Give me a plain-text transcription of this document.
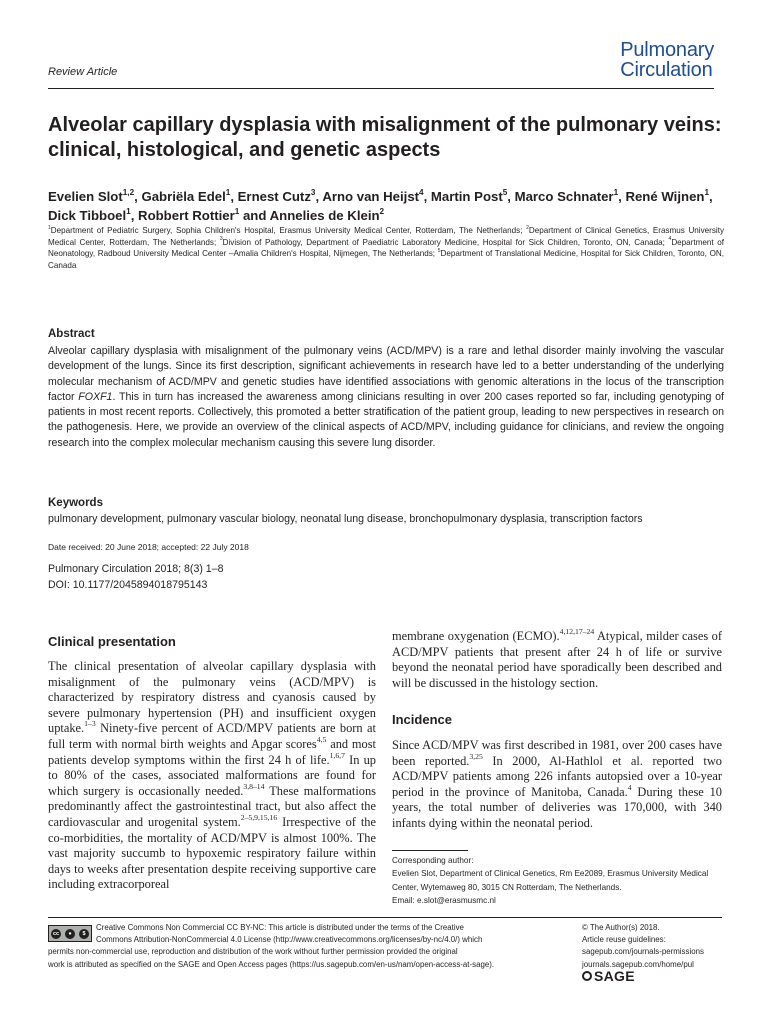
Pulmonary
Circulation
Review Article
Alveolar capillary dysplasia with misalignment of the pulmonary veins: clinical, histological, and genetic aspects

Evelien Slot$^{1,2}$, Gabriëla Edel$^1$, Ernest Cutz$^3$, Arno van Heijst$^4$, Martin Post$^5$, Marco Schnater$^1$, René Wijnen$^1$, Dick Tibboel$^1$, Robbert Rottier$^1$ and Annelies de Klein$^2$

$^1$Department of Pediatric Surgery, Sophia Children's Hospital, Erasmus University Medical Center, Rotterdam, The Netherlands; $^2$Department of Clinical Genetics, Erasmus University Medical Center, Rotterdam, The Netherlands; $^3$Division of Pathology, Department of Paediatric Laboratory Medicine, Hospital for Sick Children, Toronto, ON, Canada; $^4$Department of Neonatology, Radboud University Medical Center –Amalia Children's Hospital, Nijmegen, The Netherlands; $^5$Department of Translational Medicine, Hospital for Sick Children, Toronto, ON, Canada

Abstract

Alveolar capillary dysplasia with misalignment of the pulmonary veins (ACD/MPV) is a rare and lethal disorder mainly involving the vascular development of the lungs. Since its first description, significant achievements in research have led to a better understanding of the underlying molecular mechanism of ACD/MPV and genetic studies have identified associations with genomic alterations in the locus of the transcription factor FOXF1. This in turn has increased the awareness among clinicians resulting in over 200 cases reported so far, including genotyping of patients in most recent reports. Collectively, this promoted a better stratification of the patient group, leading to new perspectives in research on the pathogenesis. Here, we provide an overview of the clinical aspects of ACD/MPV, including guidance for clinicians, and review the ongoing research into the complex molecular mechanism causing this severe lung disorder.

Keywords

pulmonary development, pulmonary vascular biology, neonatal lung disease, bronchopulmonary dysplasia, transcription factors

Date received: 20 June 2018; accepted: 22 July 2018

Pulmonary Circulation 2018; 8(3) 1–8
DOI: 10.1177/2045894018795143
Clinical presentation

The clinical presentation of alveolar capillary dysplasia with misalignment of the pulmonary veins (ACD/MPV) is characterized by respiratory distress and cyanosis caused by severe pulmonary hypertension (PH) and insufficient oxygen uptake.$^{1-3}$ Ninety-five percent of ACD/MPV patients are born at full term with normal birth weights and Apgar scores$^{4,5}$ and most patients develop symptoms within the first 24 h of life.$^{1,6,7}$ In up to 80% of the cases, associated malformations are found for which surgery is occasionally needed.$^{3,8-14}$ These malformations predominantly affect the gastrointestinal tract, but also affect the cardiovascular and urogenital system.$^{2-5,9,15,16}$ Irrespective of the co-morbidities, the mortality of ACD/MPV is almost 100%. The vast majority succumb to hypoxemic respiratory failure within days to weeks after presentation despite receiving supportive care including extracorporeal

membrane oxygenation (ECMO).$^{4,12,17-24}$ Atypical, milder cases of ACD/MPV patients that present after 24 h of life or survive beyond the neonatal period have sporadically been described and will be discussed in the histology section.

Incidence

Since ACD/MPV was first described in 1981, over 200 cases have been reported.$^{3,25}$ In 2000, Al-Hathlol et al. reported two ACD/MPV patients among 226 infants autopsied over a 10-year period in the province of Manitoba, Canada.$^4$ During these 10 years, the total number of deliveries was 170,000, with 340 infants dying within the neonatal period.

Corresponding author:
Evelien Slot, Department of Clinical Genetics, Rm Ee2089, Erasmus University Medical Center, Wytemaweg 80, 3015 CN Rotterdam, The Netherlands.
Email: e.slot@erasmusmc.nl
cc	●	$
Creative Commons Non Commercial CC BY-NC: This article is distributed under the terms of the Creative
Commons Attribution-NonCommercial 4.0 License (http://www.creativecommons.org/licenses/by-nc/4.0/) which
permits non-commercial use, reproduction and distribution of the work without further permission provided the original
work is attributed as specified on the SAGE and Open Access pages (https://us.sagepub.com/en-us/nam/open-access-at-sage).
© The Author(s) 2018.
Article reuse guidelines:
sagepub.com/journals-permissions
journals.sagepub.com/home/pul
SAGE
